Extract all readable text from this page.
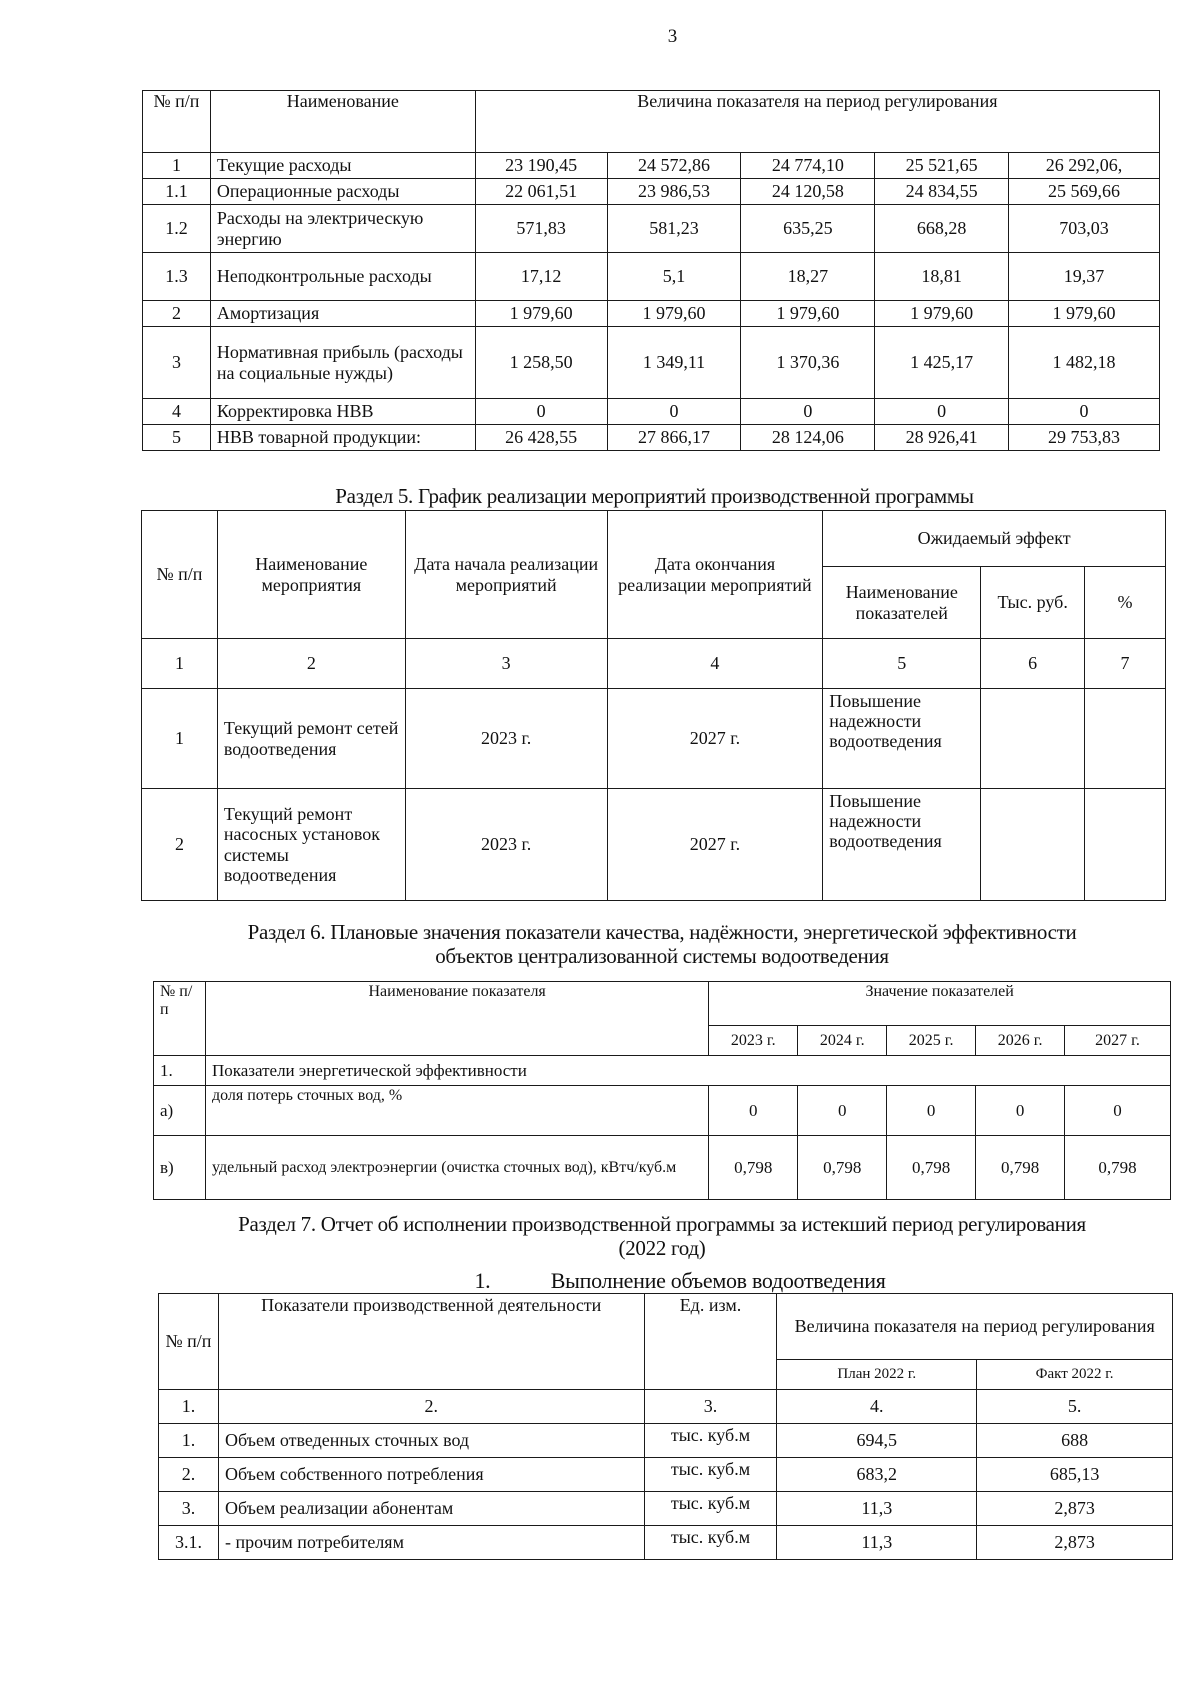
3
№ п/п	Наименование	Величина показателя на период регулирования				
1	Текущие расходы	23 190,45	24 572,86	24 774,10	25 521,65	26 292,06,
1.1	Операционные расходы	22 061,51	23 986,53	24 120,58	24 834,55	25 569,66
1.2	Расходы на электрическую энергию	571,83	581,23	635,25	668,28	703,03
1.3	Неподконтрольные расходы	17,12	5,1	18,27	18,81	19,37
2	Амортизация	1 979,60	1 979,60	1 979,60	1 979,60	1 979,60
3	Нормативная прибыль (расходы на социальные нужды)	1 258,50	1 349,11	1 370,36	1 425,17	1 482,18
4	Корректировка НВВ	0	0	0	0	0
5	НВВ товарной продукции:	26 428,55	27 866,17	28 124,06	28 926,41	29 753,83
Раздел 5. График реализации мероприятий производственной программы
№ п/п	Наименование мероприятия	Дата начала реализации мероприятий	Дата окончания реализации мероприятий	Ожидаемый эффект		
				Наименование показателей	Тыс. руб.	%
1	2	3	4	5	6	7
1	Текущий ремонт сетей водоотведения	2023 г.	2027 г.	Повышение надежности водоотведения		
2	Текущий ремонт насосных установок системы водоотведения	2023 г.	2027 г.	Повышение надежности водоотведения		
Раздел 6. Плановые значения показатели качества, надёжности, энергетической эффективности
объектов централизованной системы водоотведения
№ п/п	Наименование показателя	Значение показателей				
		2023 г.	2024 г.	2025 г.	2026 г.	2027 г.
1.	Показатели энергетической эффективности					
а)	доля потерь сточных вод, %	0	0	0	0	0
в)	удельный расход электроэнергии (очистка сточных вод), кВтч/куб.м	0,798	0,798	0,798	0,798	0,798
Раздел 7. Отчет об исполнении производственной программы за истекший период регулирования
(2022 год)
1.	Выполнение объемов водоотведения
№ п/п	Показатели производственной деятельности	Ед. изм.	Величина показателя на период регулирования	
			План 2022 г.	Факт 2022 г.
1.	2.	3.	4.	5.
1.	Объем отведенных сточных вод	тыс. куб.м	694,5	688
2.	Объем собственного потребления	тыс. куб.м	683,2	685,13
3.	Объем реализации абонентам	тыс. куб.м	11,3	2,873
3.1.	- прочим потребителям	тыс. куб.м	11,3	2,873
